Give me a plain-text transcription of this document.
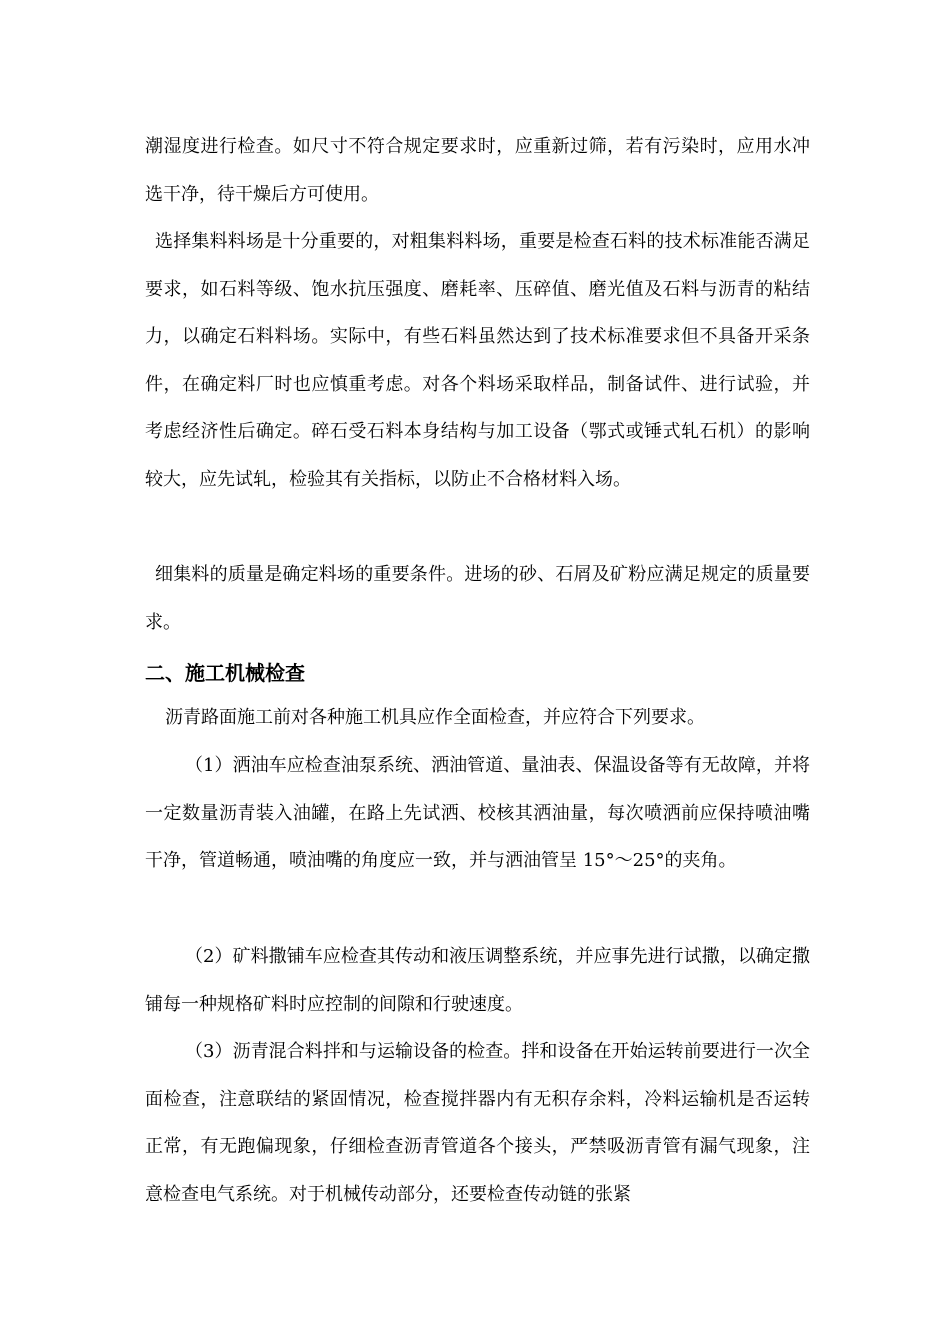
潮湿度进行检查。如尺寸不符合规定要求时，应重新过筛，若有污染时，应用水冲选干净，待干燥后方可使用。

选择集料料场是十分重要的，对粗集料料场，重要是检查石料的技术标准能否满足要求，如石料等级、饱水抗压强度、磨耗率、压碎值、磨光值及石料与沥青的粘结力，以确定石料料场。实际中，有些石料虽然达到了技术标准要求但不具备开采条件，在确定料厂时也应慎重考虑。对各个料场采取样品，制备试件、进行试验，并考虑经济性后确定。碎石受石料本身结构与加工设备（鄂式或锤式轧石机）的影响较大，应先试轧，检验其有关指标，以防止不合格材料入场。

细集料的质量是确定料场的重要条件。进场的砂、石屑及矿粉应满足规定的质量要求。

二、施工机械检查

沥青路面施工前对各种施工机具应作全面检查，并应符合下列要求。

（1）洒油车应检查油泵系统、洒油管道、量油表、保温设备等有无故障，并将一定数量沥青装入油罐，在路上先试洒、校核其洒油量，每次喷洒前应保持喷油嘴干净，管道畅通，喷油嘴的角度应一致，并与洒油管呈 15°～25°的夹角。

（2）矿料撒铺车应检查其传动和液压调整系统，并应事先进行试撒，以确定撒铺每一种规格矿料时应控制的间隙和行驶速度。

（3）沥青混合料拌和与运输设备的检查。拌和设备在开始运转前要进行一次全面检查，注意联结的紧固情况，检查搅拌器内有无积存余料，冷料运输机是否运转正常，有无跑偏现象，仔细检查沥青管道各个接头，严禁吸沥青管有漏气现象，注意检查电气系统。对于机械传动部分，还要检查传动链的张紧
